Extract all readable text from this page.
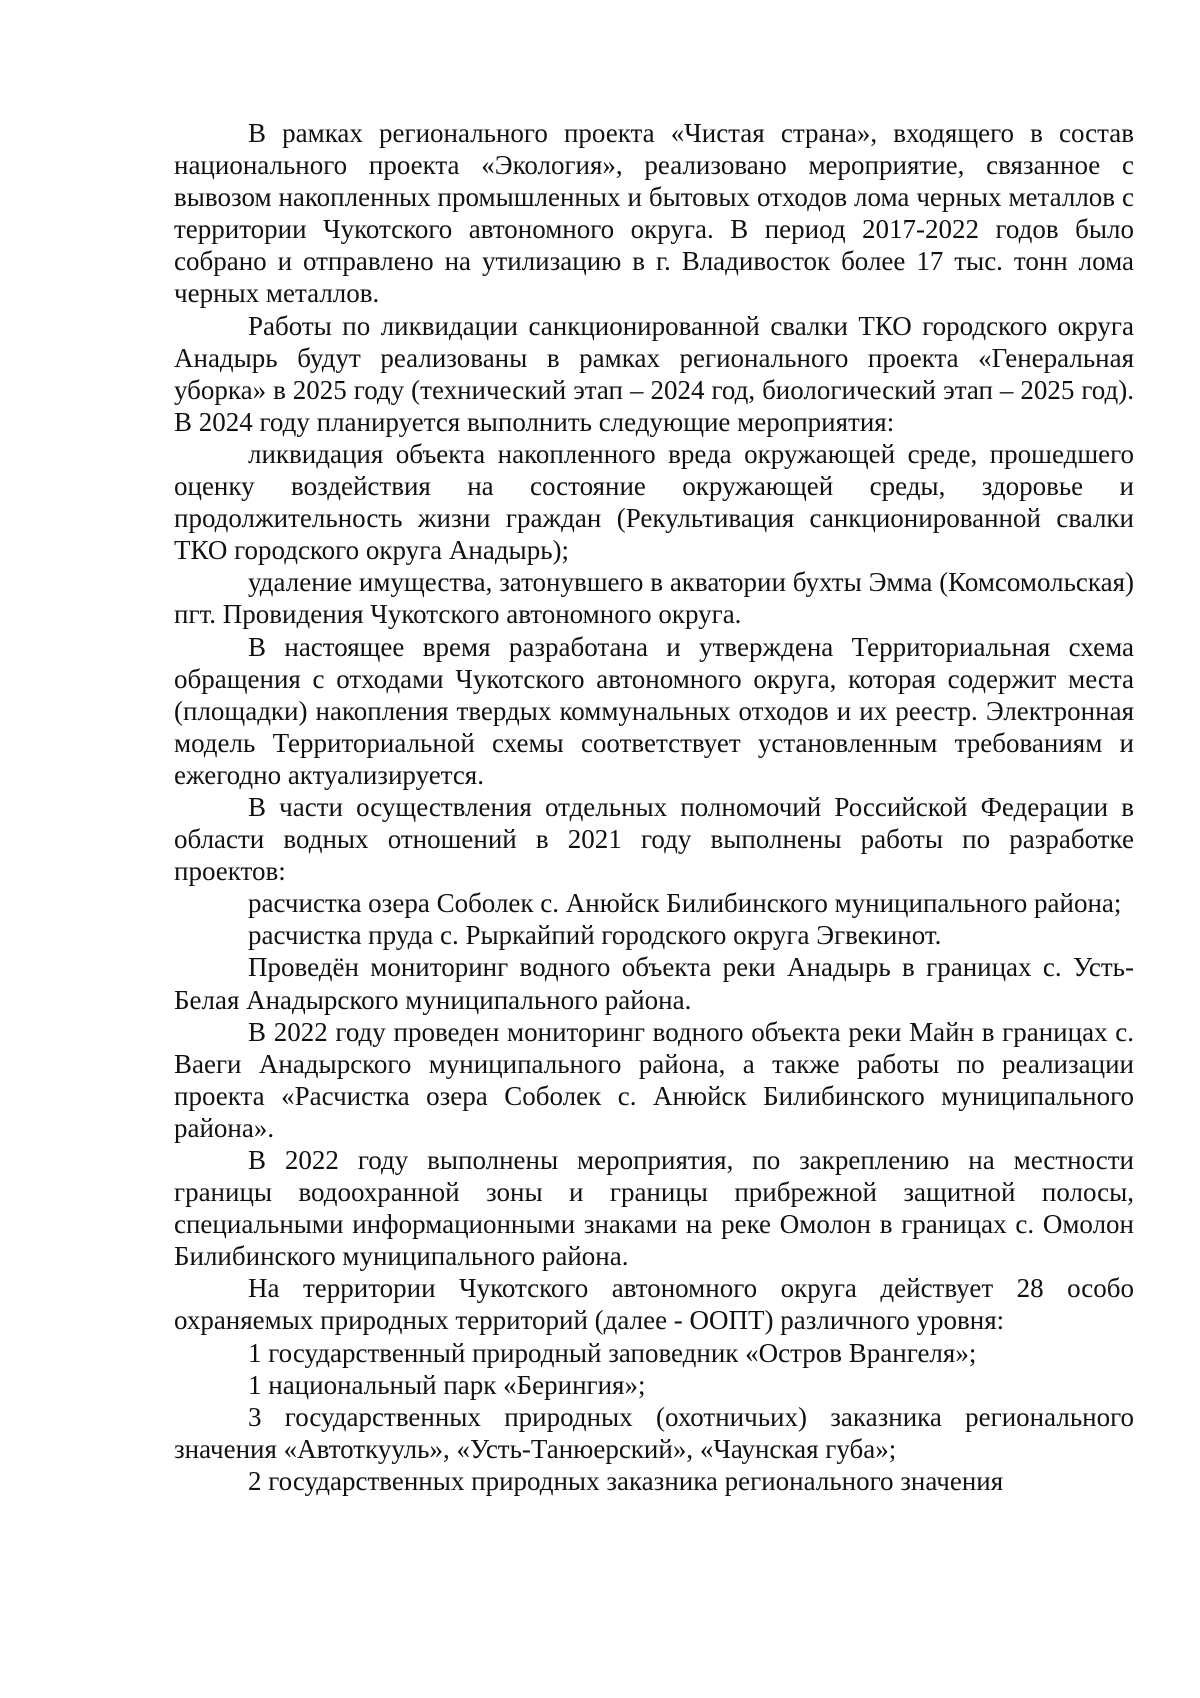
В рамках регионального проекта «Чистая страна», входящего в состав национального проекта «Экология», реализовано мероприятие, связанное с вывозом накопленных промышленных и бытовых отходов лома черных металлов с территории Чукотского автономного округа. В период 2017-2022 годов было собрано и отправлено на утилизацию в г. Владивосток более 17 тыс. тонн лома черных металлов.

Работы по ликвидации санкционированной свалки ТКО городского округа Анадырь будут реализованы в рамках регионального проекта «Генеральная уборка» в 2025 году (технический этап – 2024 год, биологический этап – 2025 год). В 2024 году планируется выполнить следующие мероприятия:

ликвидация объекта накопленного вреда окружающей среде, прошедшего оценку воздействия на состояние окружающей среды, здоровье и продолжительность жизни граждан (Рекультивация санкционированной свалки ТКО городского округа Анадырь);

удаление имущества, затонувшего в акватории бухты Эмма (Комсомольская) пгт. Провидения Чукотского автономного округа.

В настоящее время разработана и утверждена Территориальная схема обращения с отходами Чукотского автономного округа, которая содержит места (площадки) накопления твердых коммунальных отходов и их реестр. Электронная модель Территориальной схемы соответствует установленным требованиям и ежегодно актуализируется.

В части осуществления отдельных полномочий Российской Федерации в области водных отношений в 2021 году выполнены работы по разработке проектов:

расчистка озера Соболек с. Анюйск Билибинского муниципального района;

расчистка пруда с. Рыркайпий городского округа Эгвекинот.

Проведён мониторинг водного объекта реки Анадырь в границах с. Усть-Белая Анадырского муниципального района.

В 2022 году проведен мониторинг водного объекта реки Майн в границах с. Ваеги Анадырского муниципального района, а также работы по реализации проекта «Расчистка озера Соболек с. Анюйск Билибинского муниципального района».

В 2022 году выполнены мероприятия, по закреплению на местности границы водоохранной зоны и границы прибрежной защитной полосы, специальными информационными знаками на реке Омолон в границах с. Омолон Билибинского муниципального района.

На территории Чукотского автономного округа действует 28 особо охраняемых природных территорий (далее - ООПТ) различного уровня:

1 государственный природный заповедник «Остров Врангеля»;

1 национальный парк «Берингия»;

3 государственных природных (охотничьих) заказника регионального значения «Автоткууль», «Усть-Танюерский», «Чаунская губа»;

2 государственных природных заказника регионального значения
